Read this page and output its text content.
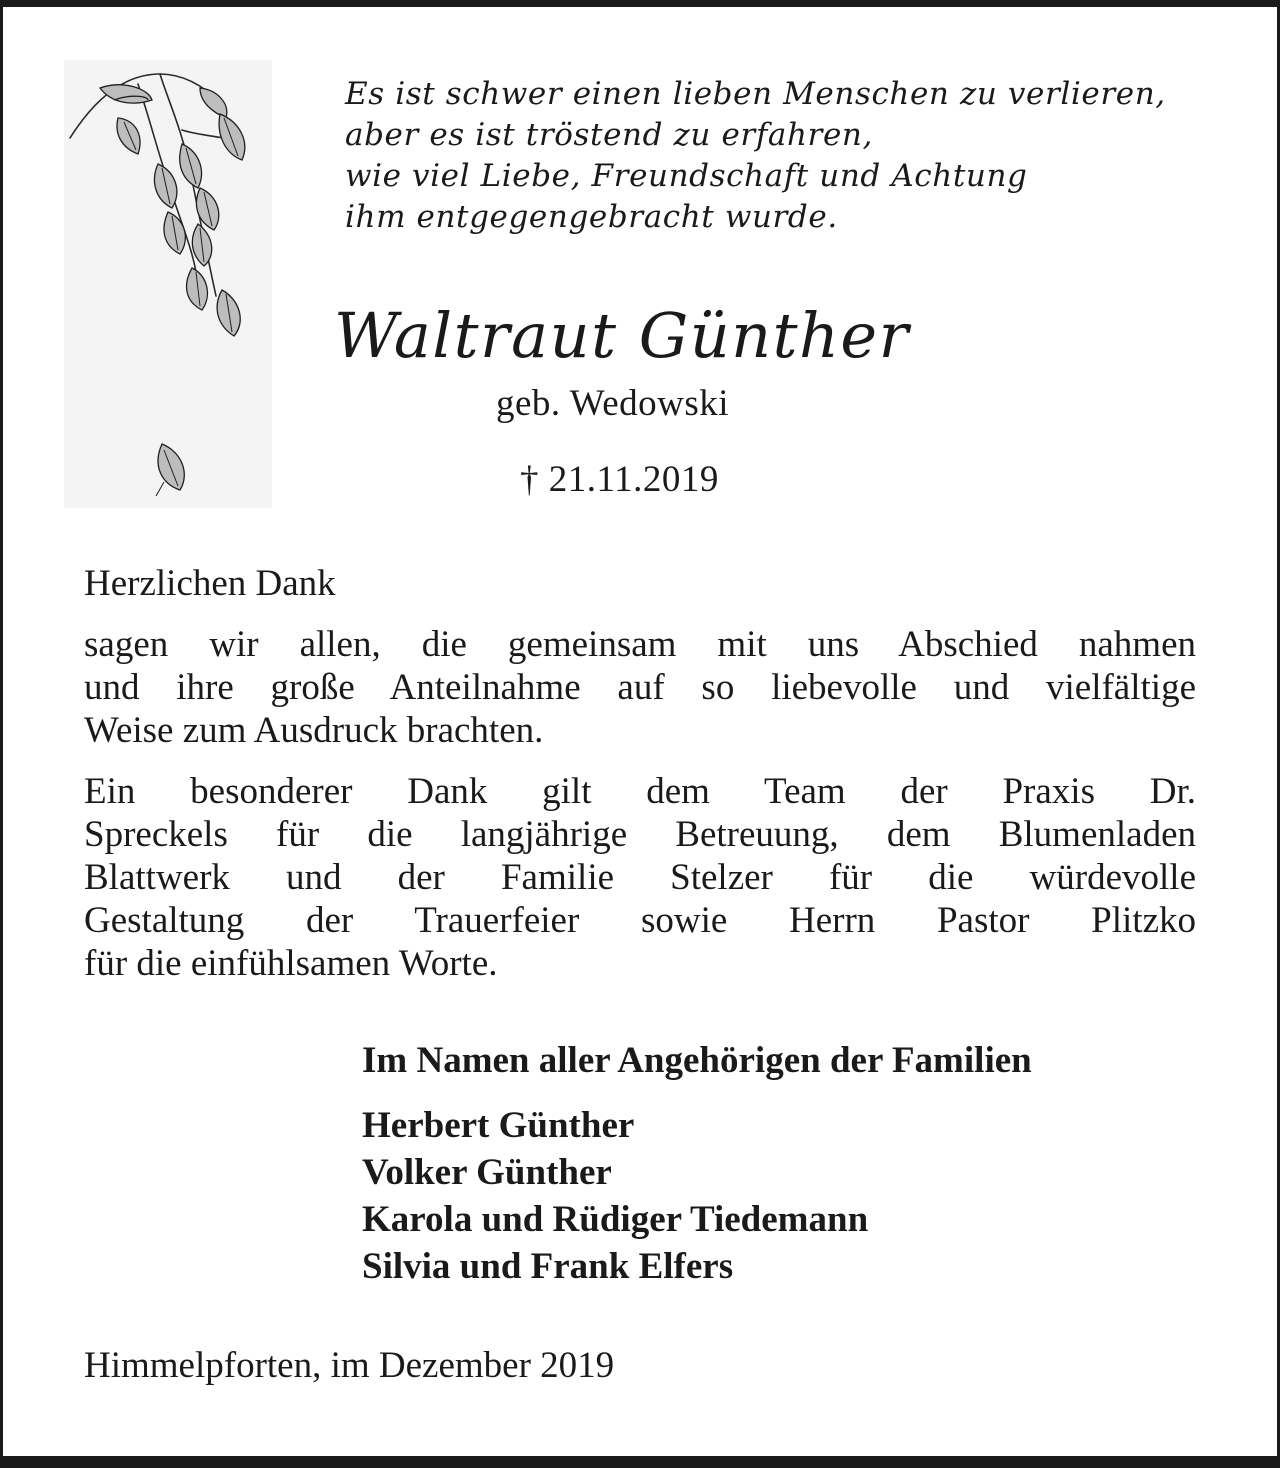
Es ist schwer einen lieben Menschen zu verlieren,
aber es ist tröstend zu erfahren,
wie viel Liebe, Freundschaft und Achtung
ihm entgegengebracht wurde.
Waltraut Günther
geb. Wedowski
† 21.11.2019
Herzlichen Dank
sagen wir allen, die gemeinsam mit uns Abschied nahmen
und ihre große Anteilnahme auf so liebevolle und vielfältige
Weise zum Ausdruck brachten.
Ein besonderer Dank gilt dem Team der Praxis Dr.
Spreckels für die langjährige Betreuung, dem Blumenladen
Blattwerk und der Familie Stelzer für die würdevolle
Gestaltung der Trauerfeier sowie Herrn Pastor Plitzko
für die einfühlsamen Worte.
Im Namen aller Angehörigen der Familien
Herbert Günther
Volker Günther
Karola und Rüdiger Tiedemann
Silvia und Frank Elfers
Himmelpforten, im Dezember 2019
